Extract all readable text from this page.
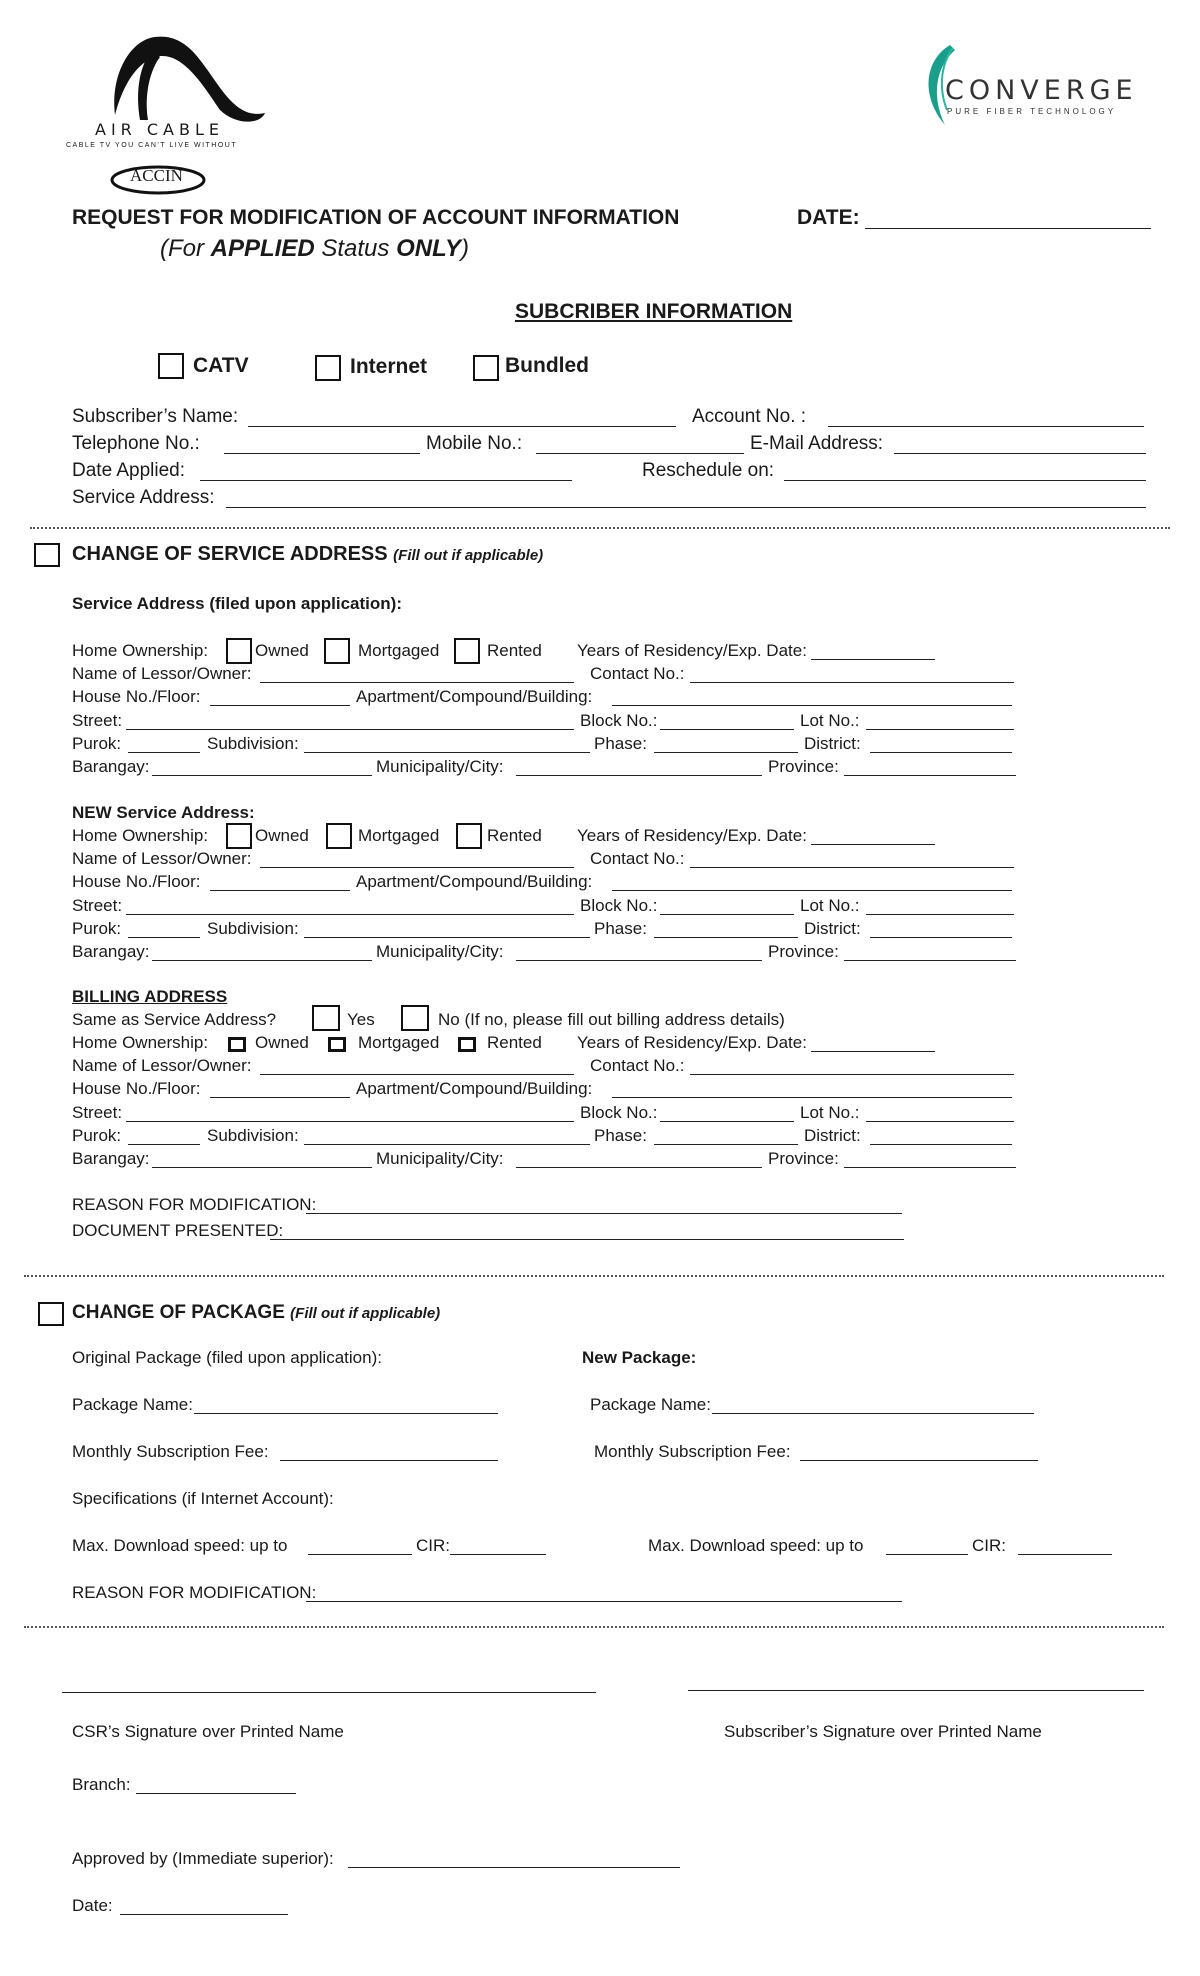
AIR CABLE
CABLE TV YOU CAN'T LIVE WITHOUT
ACCIN
CONVERGE
PURE FIBER TECHNOLOGY
REQUEST FOR MODIFICATION OF ACCOUNT INFORMATION
(For APPLIED Status ONLY)
DATE:
SUBCRIBER INFORMATION
CATV	Internet	Bundled
Subscriber’s Name:	Account No. :
Telephone No.:	Mobile No.:	E-Mail Address:
Date Applied:	Reschedule on:
Service Address:
CHANGE OF SERVICE ADDRESS (Fill out if applicable)
Service Address (filed upon application):
Home Ownership:	Owned	Mortgaged	Rented Years of Residency/Exp. Date:
Name of Lessor/Owner:	Contact No.:
House No./Floor:	Apartment/Compound/Building:
Street:	Block No.:	Lot No.:
Purok:	Subdivision:	Phase:	District:
Barangay:	Municipality/City:	Province:
NEW Service Address:
Home Ownership:	Owned	Mortgaged	Rented Years of Residency/Exp. Date:
Name of Lessor/Owner:	Contact No.:
House No./Floor:	Apartment/Compound/Building:
Street:	Block No.:	Lot No.:
Purok:	Subdivision:	Phase:	District:
Barangay:	Municipality/City:	Province:
BILLING ADDRESS
Same as Service Address?	Yes	No (If no, please fill out billing address details)
Home Ownership:	Owned	Mortgaged	Rented Years of Residency/Exp. Date:
Name of Lessor/Owner:	Contact No.:
House No./Floor:	Apartment/Compound/Building:
Street:	Block No.:	Lot No.:
Purok:	Subdivision:	Phase:	District:
Barangay:	Municipality/City:	Province:
REASON FOR MODIFICATION:
DOCUMENT PRESENTED:
CHANGE OF PACKAGE (Fill out if applicable)
Original Package (filed upon application):	New Package:
Package Name:	Package Name:
Monthly Subscription Fee:	Monthly Subscription Fee:
Specifications (if Internet Account):
Max. Download speed: up to	CIR:	Max. Download speed: up to	CIR:
REASON FOR MODIFICATION:
CSR’s Signature over Printed Name	Subscriber’s Signature over Printed Name
Branch:
Approved by (Immediate superior):
Date:
